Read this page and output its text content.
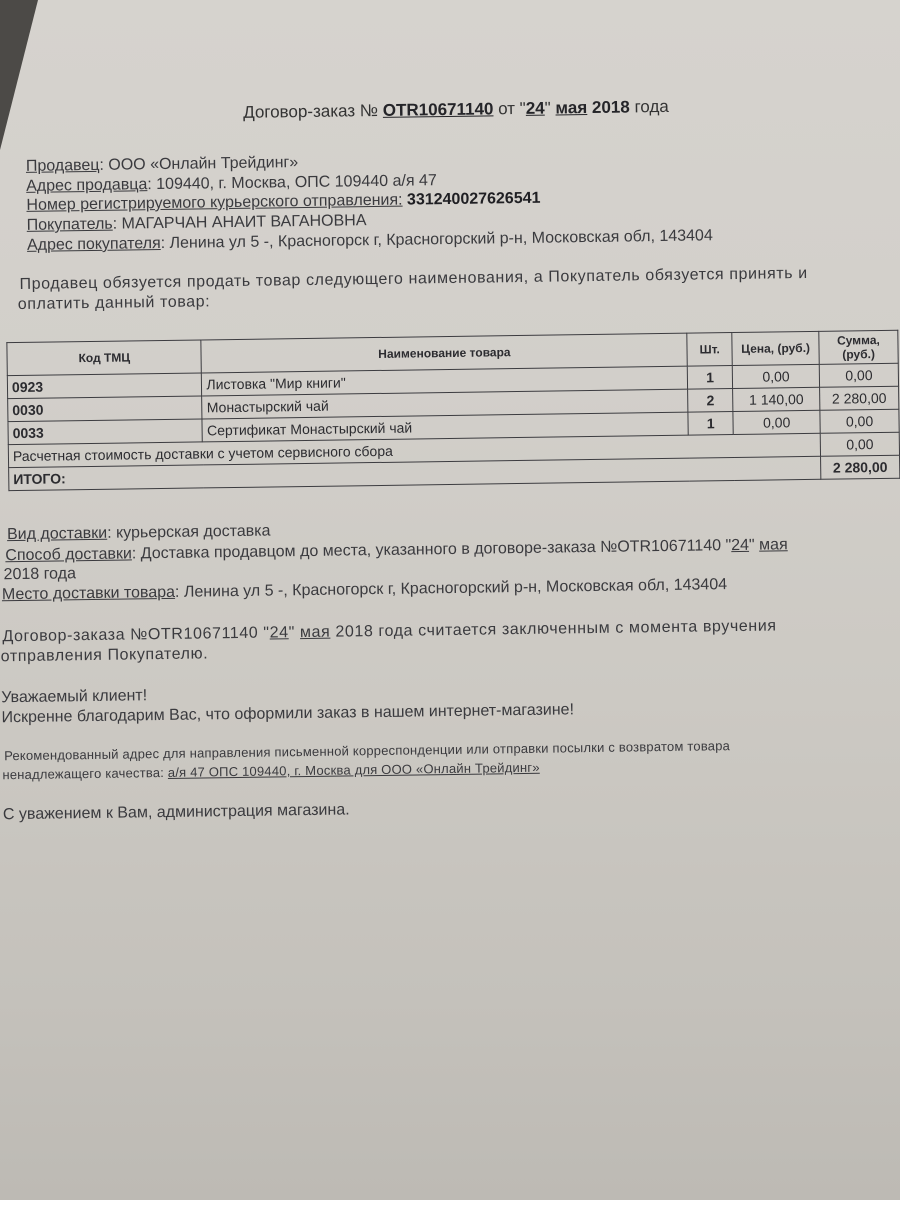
Договор-заказ № OTR10671140 от "24" мая 2018 года
Продавец: ООО «Онлайн Трейдинг»
Адрес продавца: 109440, г. Москва, ОПС 109440 а/я 47
Номер регистрируемого курьерского отправления: 331240027626541
Покупатель: МАГАРЧАН АНАИТ ВАГАНОВНА
Адрес покупателя: Ленина ул 5 -, Красногорск г, Красногорский р-н, Московская обл, 143404
Продавец обязуется продать товар следующего наименования, а Покупатель обязуется принять и
оплатить данный товар:
Код ТМЦ	Наименование товара	Шт.	Цена, (руб.)	Сумма, (руб.)
0923	Листовка "Мир книги"	1	0,00	0,00
0030	Монастырский чай	2	1 140,00	2 280,00
0033	Сертификат Монастырский чай	1	0,00	0,00
Расчетная стоимость доставки с учетом сервисного сбора				0,00
ИТОГО:				2 280,00
Вид доставки: курьерская доставка
Способ доставки: Доставка продавцом до места, указанного в договоре-заказа №OTR10671140 "24" мая
2018 года
Место доставки товара: Ленина ул 5 -, Красногорск г, Красногорский р-н, Московская обл, 143404
Договор-заказа №OTR10671140 "24" мая 2018 года считается заключенным с момента вручения
отправления Покупателю.
Уважаемый клиент!
Искренне благодарим Вас, что оформили заказ в нашем интернет-магазине!
Рекомендованный адрес для направления письменной корреспонденции или отправки посылки с возвратом товара
ненадлежащего качества: а/я 47 ОПС 109440, г. Москва для ООО «Онлайн Трейдинг»
С уважением к Вам, администрация магазина.
